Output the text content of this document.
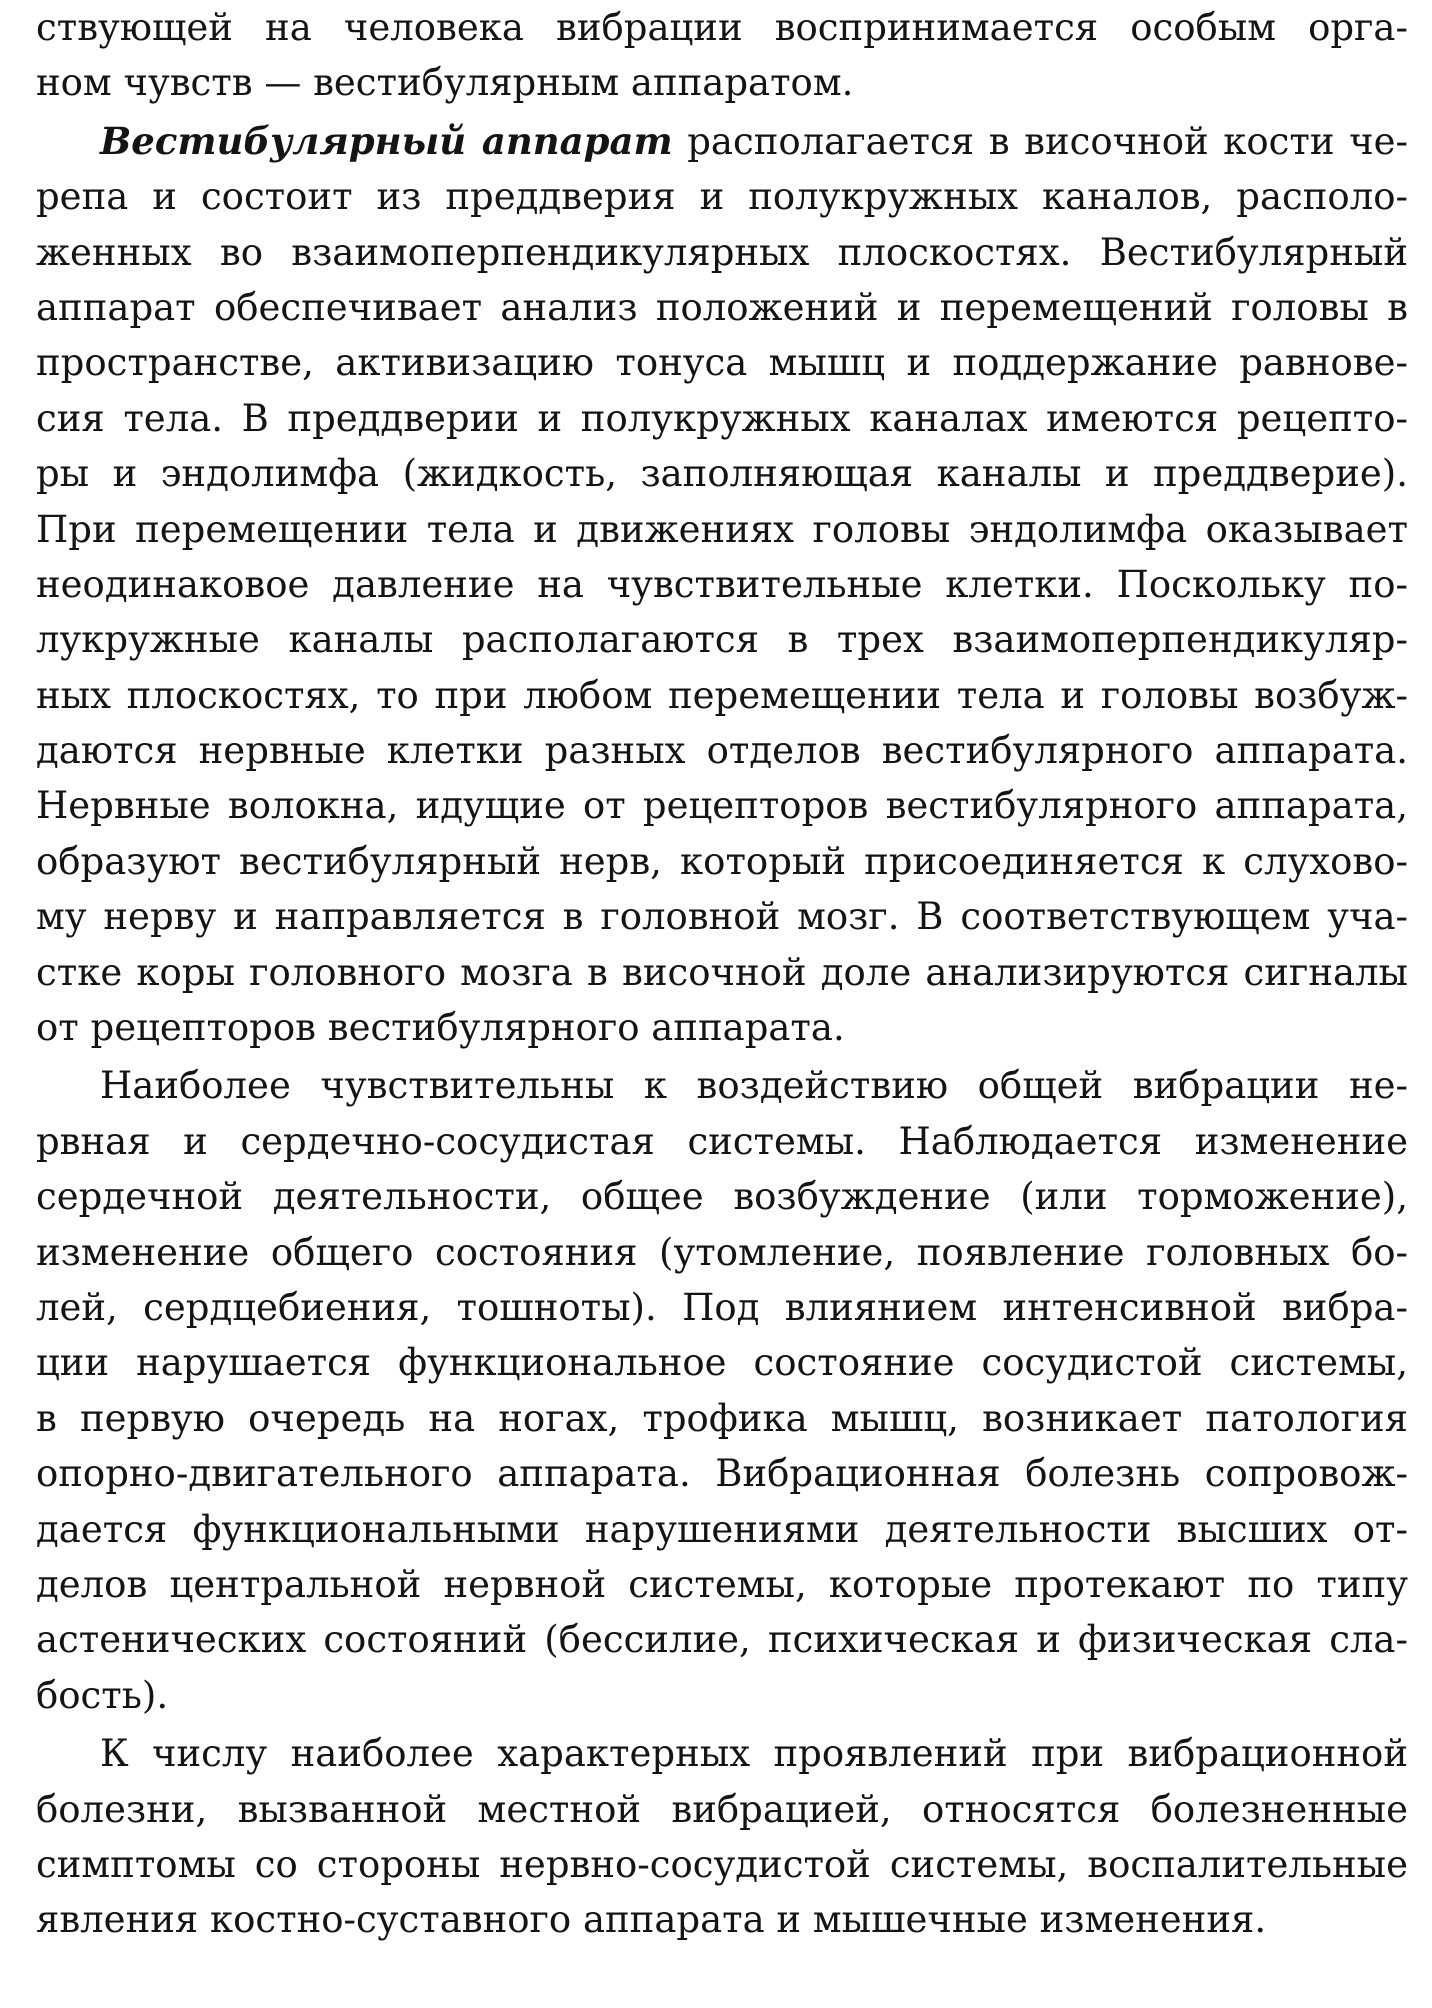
ствующей на человека вибрации воспринимается особым орга-
ном чувств — вестибулярным аппаратом.
Вестибулярный аппарат располагается в височной кости че-
репа и состоит из преддверия и полукружных каналов, располо-
женных во взаимоперпендикулярных плоскостях. Вестибулярный
аппарат обеспечивает анализ положений и перемещений головы в
пространстве, активизацию тонуса мышц и поддержание равнове-
сия тела. В преддверии и полукружных каналах имеются рецепто-
ры и эндолимфа (жидкость, заполняющая каналы и преддверие).
При перемещении тела и движениях головы эндолимфа оказывает
неодинаковое давление на чувствительные клетки. Поскольку по-
лукружные каналы располагаются в трех взаимоперпендикуляр-
ных плоскостях, то при любом перемещении тела и головы возбуж-
даются нервные клетки разных отделов вестибулярного аппарата.
Нервные волокна, идущие от рецепторов вестибулярного аппарата,
образуют вестибулярный нерв, который присоединяется к слухово-
му нерву и направляется в головной мозг. В соответствующем уча-
стке коры головного мозга в височной доле анализируются сигналы
от рецепторов вестибулярного аппарата.
Наиболее чувствительны к воздействию общей вибрации не-
рвная и сердечно-сосудистая системы. Наблюдается изменение
сердечной деятельности, общее возбуждение (или торможение),
изменение общего состояния (утомление, появление головных бо-
лей, сердцебиения, тошноты). Под влиянием интенсивной вибра-
ции нарушается функциональное состояние сосудистой системы,
в первую очередь на ногах, трофика мышц, возникает патология
опорно-двигательного аппарата. Вибрационная болезнь сопровож-
дается функциональными нарушениями деятельности высших от-
делов центральной нервной системы, которые протекают по типу
астенических состояний (бессилие, психическая и физическая сла-
бость).
К числу наиболее характерных проявлений при вибрационной
болезни, вызванной местной вибрацией, относятся болезненные
симптомы со стороны нервно-сосудистой системы, воспалительные
явления костно-суставного аппарата и мышечные изменения.
